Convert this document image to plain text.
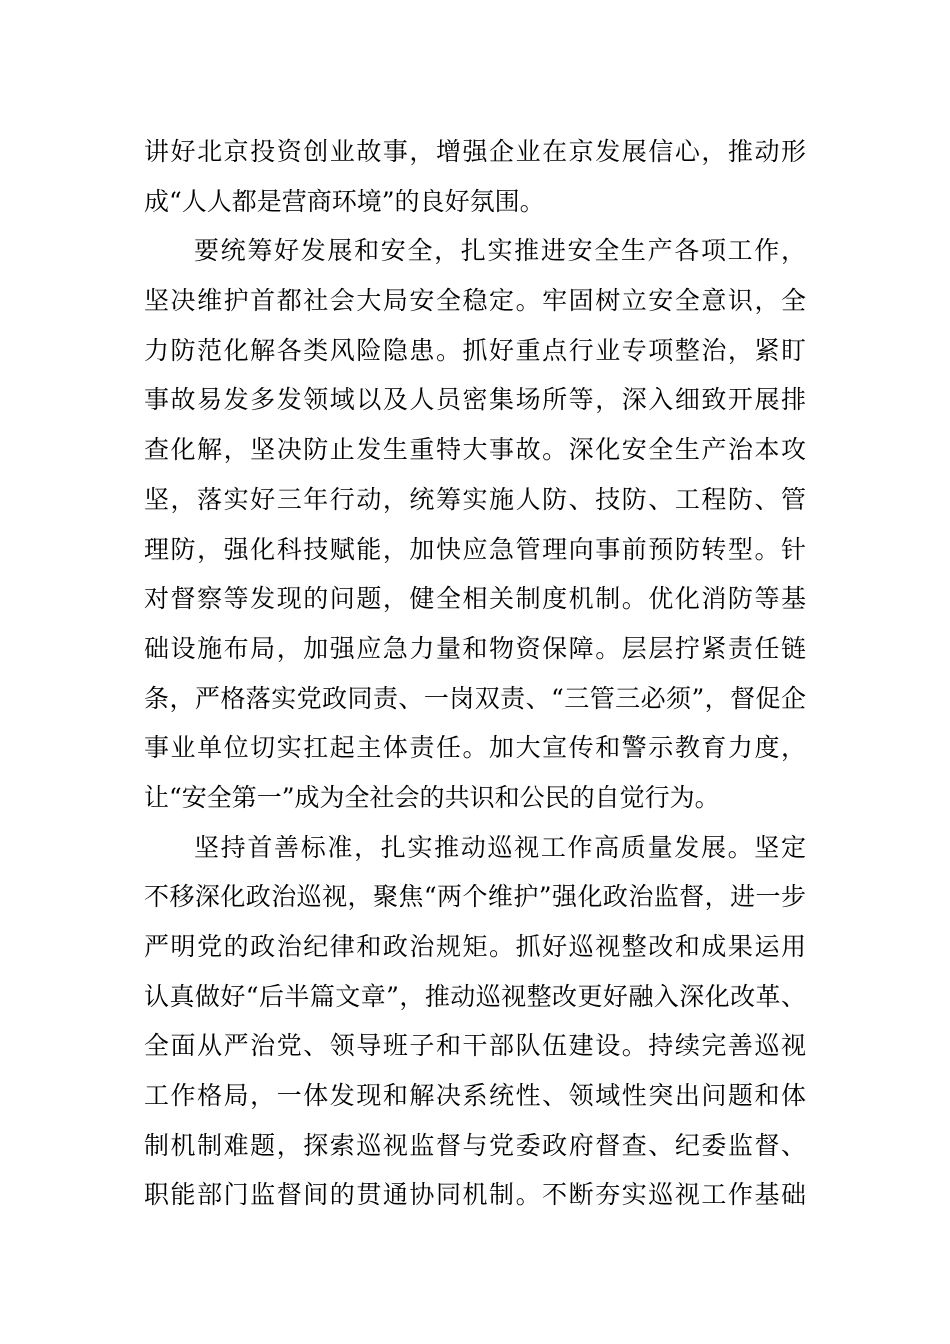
讲好北京投资创业故事，增强企业在京发展信心，推动形
成“人人都是营商环境”的良好氛围。
要统筹好发展和安全，扎实推进安全生产各项工作，
坚决维护首都社会大局安全稳定。牢固树立安全意识，全
力防范化解各类风险隐患。抓好重点行业专项整治，紧盯
事故易发多发领域以及人员密集场所等，深入细致开展排
查化解，坚决防止发生重特大事故。深化安全生产治本攻
坚，落实好三年行动，统筹实施人防、技防、工程防、管
理防，强化科技赋能，加快应急管理向事前预防转型。针
对督察等发现的问题，健全相关制度机制。优化消防等基
础设施布局，加强应急力量和物资保障。层层拧紧责任链
条，严格落实党政同责、一岗双责、“三管三必须”，督促企
事业单位切实扛起主体责任。加大宣传和警示教育力度，
让“安全第一”成为全社会的共识和公民的自觉行为。
坚持首善标准，扎实推动巡视工作高质量发展。坚定
不移深化政治巡视，聚焦“两个维护”强化政治监督，进一步
严明党的政治纪律和政治规矩。抓好巡视整改和成果运用
认真做好“后半篇文章”，推动巡视整改更好融入深化改革、
全面从严治党、领导班子和干部队伍建设。持续完善巡视
工作格局，一体发现和解决系统性、领域性突出问题和体
制机制难题，探索巡视监督与党委政府督查、纪委监督、
职能部门监督间的贯通协同机制。不断夯实巡视工作基础
